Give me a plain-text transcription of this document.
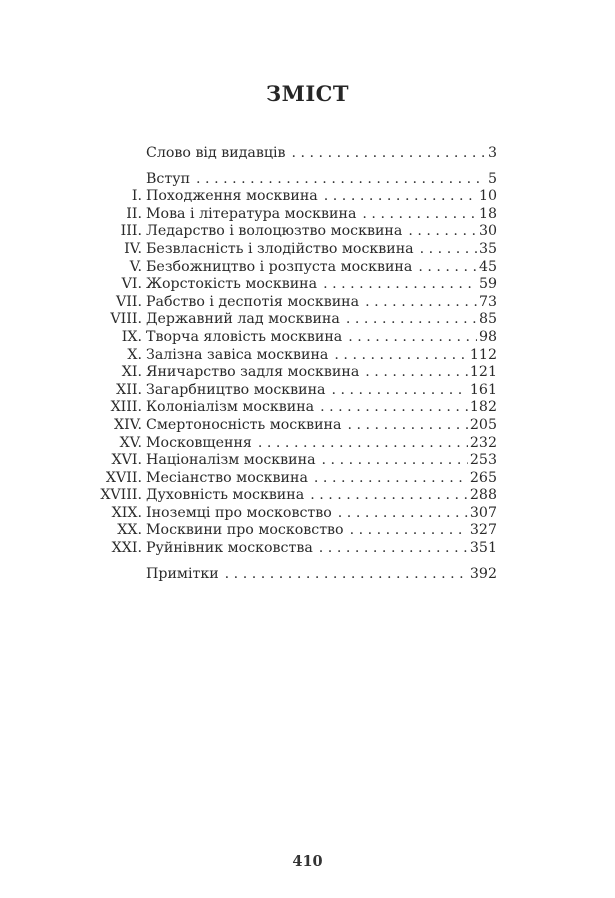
ЗМІСТ
Слово від видавців . . .	3
Вступ . . .	5
I. Походження москвина . . .	10
II. Мова і література москвина . . .	18
III. Ледарство і волоцюзтво москвина . . .	30
IV. Безвласність і злодійство москвина . . .	35
V. Безбожництво і розпуста москвина . . .	45
VI. Жорстокість москвина . . .	59
VII. Рабство і деспотія москвина . . .	73
VIII. Державний лад москвина . . .	85
IX. Творча яловість москвина . . .	98
X. Залізна завіса москвина . . .	112
XI. Яничарство задля москвина . . .	121
XII. Загарбництво москвина . . .	161
XIII. Колоніалізм москвина . . .	182
XIV. Смертоносність москвина . . .	205
XV. Московщення . . .	232
XVI. Націоналізм москвина . . .	253
XVII. Месіанство москвина . . .	265
XVIII. Духовність москвина . . .	288
XIX. Іноземці про московство . . .	307
XX. Москвини про московство . . .	327
XXI. Руйнівник московства . . .	351
Примітки . . .	392
410
